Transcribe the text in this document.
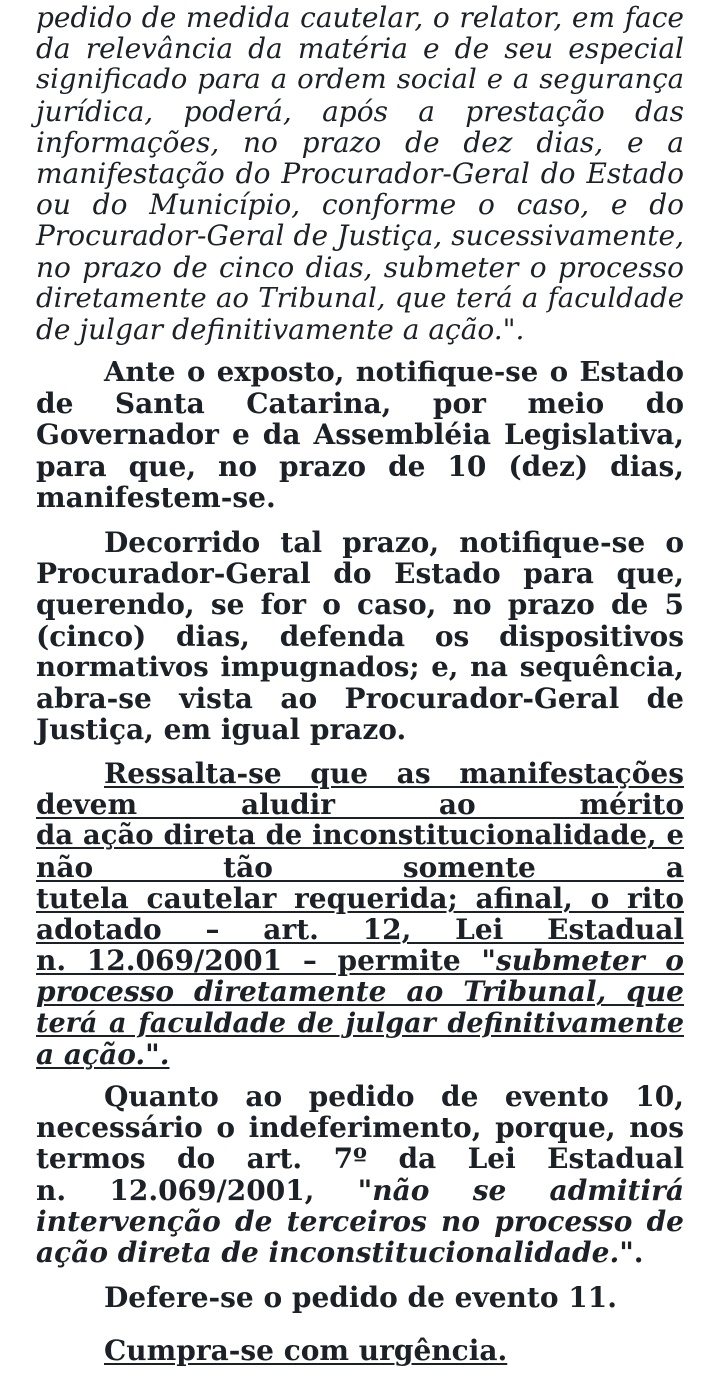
pedido de medida cautelar, o relator, em face
da relevância da matéria e de seu especial
significado para a ordem social e a segurança
jurídica, poderá, após a prestação das
informações, no prazo de dez dias, e a
manifestação do Procurador-Geral do Estado
ou do Município, conforme o caso, e do
Procurador-Geral de Justiça, sucessivamente,
no prazo de cinco dias, submeter o processo
diretamente ao Tribunal, que terá a faculdade
de julgar definitivamente a ação.".
Ante o exposto, notifique-se o Estado
de Santa Catarina, por meio do
Governador e da Assembléia Legislativa,
para que, no prazo de 10 (dez) dias,
manifestem-se.
Decorrido tal prazo, notifique-se o
Procurador-Geral do Estado para que,
querendo, se for o caso, no prazo de 5
(cinco) dias, defenda os dispositivos
normativos impugnados; e, na sequência,
abra-se vista ao Procurador-Geral de
Justiça, em igual prazo.
Ressalta-se que as manifestações
devem aludir ao mérito
da ação direta de inconstitucionalidade, e
não tão somente a
tutela cautelar requerida; afinal, o rito
adotado – art. 12, Lei Estadual
n. 12.069/2001 – permite "submeter o
processo diretamente ao Tribunal, que
terá a faculdade de julgar definitivamente
a ação.".
Quanto ao pedido de evento 10,
necessário o indeferimento, porque, nos
termos do art. 7º da Lei Estadual
n. 12.069/2001, "não se admitirá
intervenção de terceiros no processo de
ação direta de inconstitucionalidade.".
Defere-se o pedido de evento 11.
Cumpra-se com urgência.
